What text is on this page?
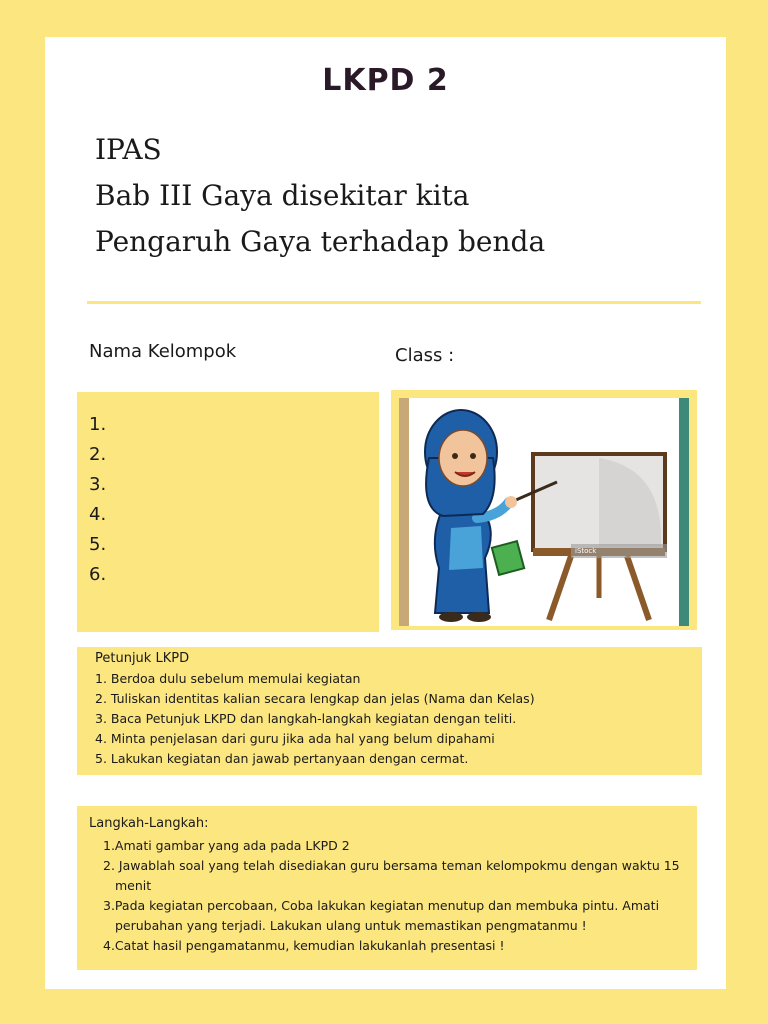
LKPD 2
IPAS
Bab III Gaya disekitar kita
Pengaruh Gaya terhadap benda
Nama Kelompok	Class :
1.
2.
3.
4.
5.
6.
iStock
Petunjuk LKPD
1. Berdoa dulu sebelum memulai kegiatan
2. Tuliskan identitas kalian secara lengkap dan jelas (Nama dan Kelas)
3. Baca Petunjuk LKPD dan langkah-langkah kegiatan dengan teliti.
4. Minta penjelasan dari guru jika ada hal yang belum dipahami
5. Lakukan kegiatan dan jawab pertanyaan dengan cermat.
Langkah-Langkah:
1.Amati gambar yang ada pada LKPD 2
2. Jawablah soal yang telah disediakan guru bersama teman kelompokmu dengan waktu 15 menit
3.Pada kegiatan percobaan, Coba lakukan kegiatan menutup dan membuka pintu. Amati perubahan yang terjadi. Lakukan ulang untuk memastikan pengmatanmu !
4.Catat hasil pengamatanmu, kemudian lakukanlah presentasi !
